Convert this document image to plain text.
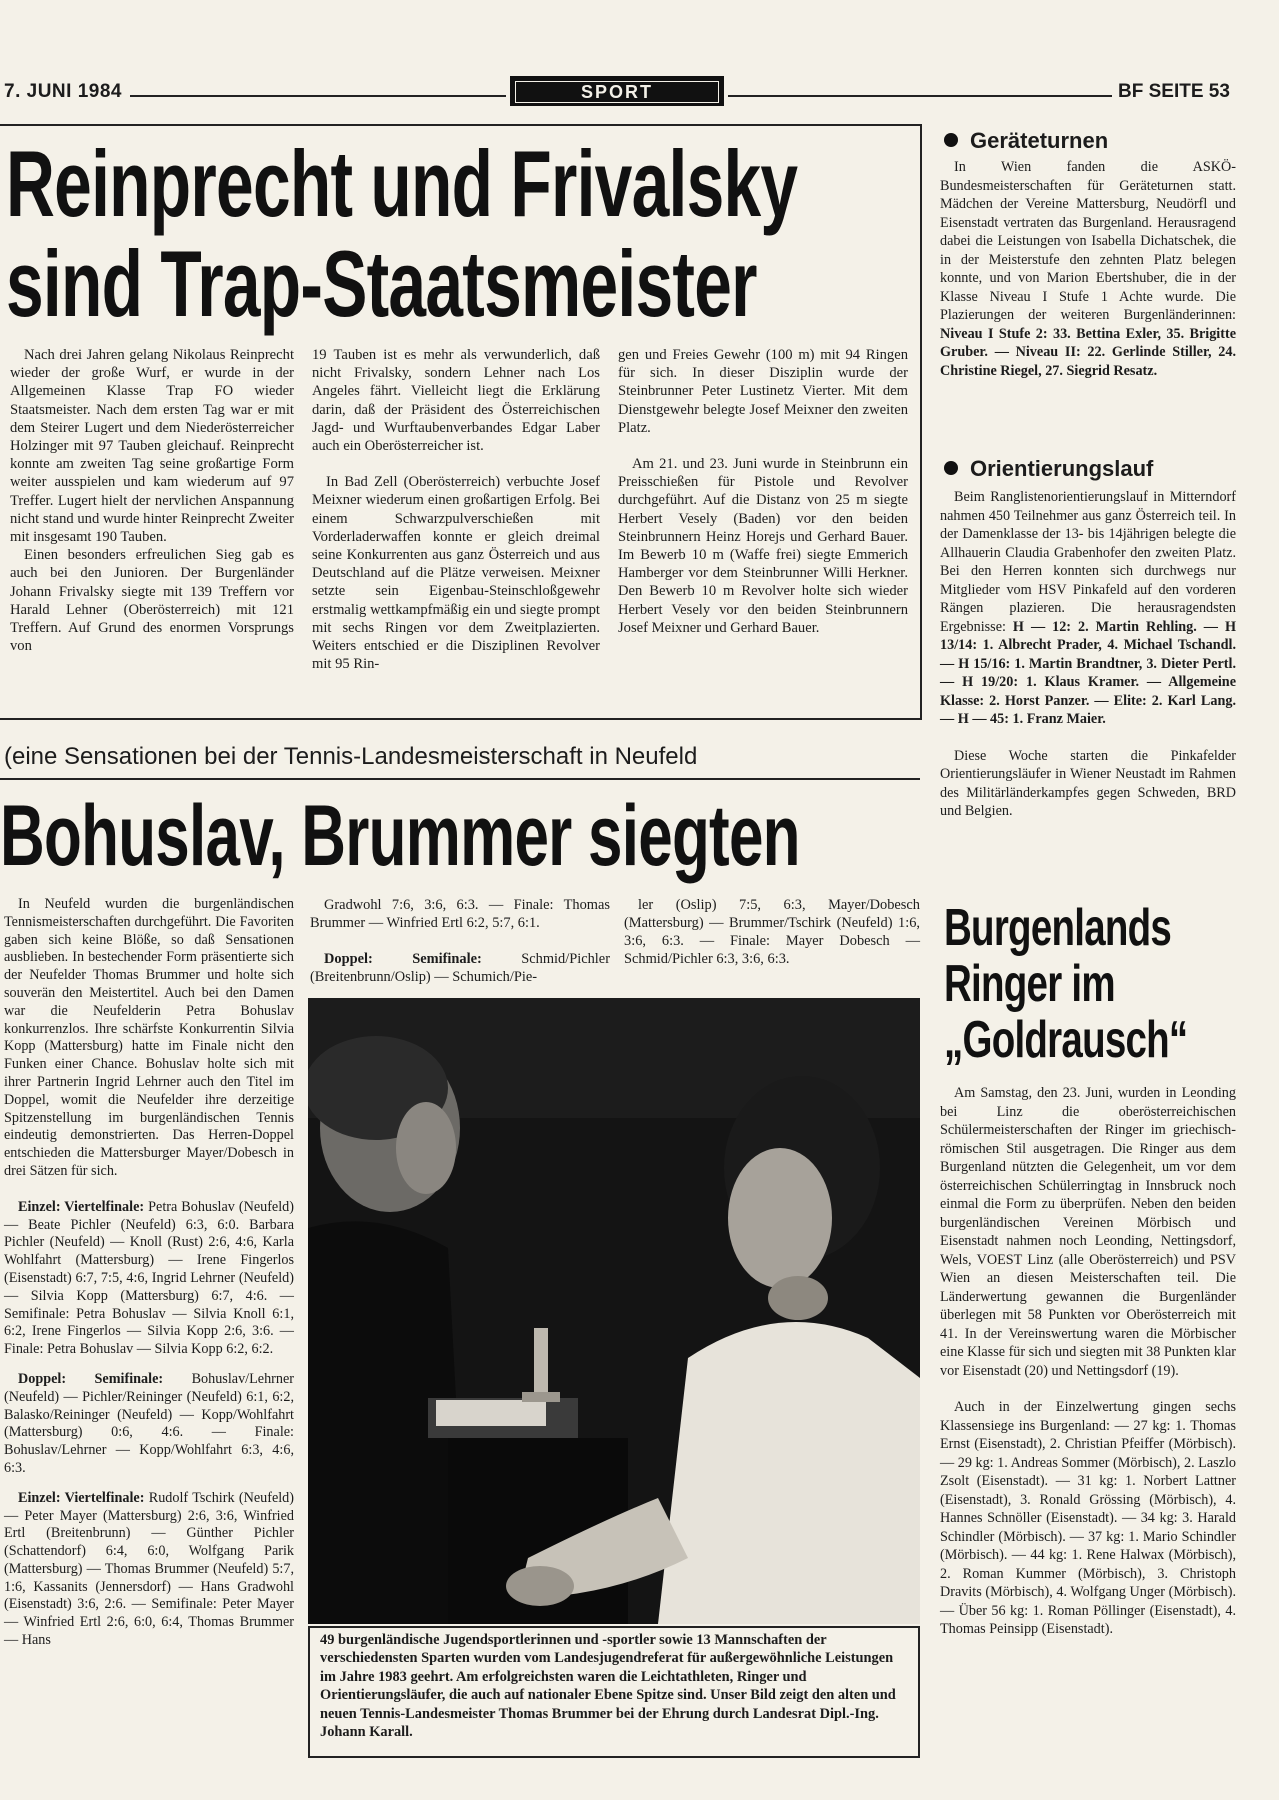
7. JUNI 1984	SPORT	BF SEITE 53
Reinprecht und Frivalsky
sind Trap-Staatsmeister

Nach drei Jahren gelang Nikolaus Reinprecht wieder der große Wurf, er wurde in der Allgemeinen Klasse Trap FO wieder Staatsmeister. Nach dem ersten Tag war er mit dem Steirer Lugert und dem Niederösterreicher Holzinger mit 97 Tauben gleichauf. Reinprecht konnte am zweiten Tag seine großartige Form weiter ausspielen und kam wiederum auf 97 Treffer. Lugert hielt der nervlichen Anspannung nicht stand und wurde hinter Reinprecht Zweiter mit insgesamt 190 Tauben.

Einen besonders erfreulichen Sieg gab es auch bei den Junioren. Der Burgenländer Johann Frivalsky siegte mit 139 Treffern vor Harald Lehner (Oberösterreich) mit 121 Treffern. Auf Grund des enormen Vorsprungs von

19 Tauben ist es mehr als verwunderlich, daß nicht Frivalsky, sondern Lehner nach Los Angeles fährt. Vielleicht liegt die Erklärung darin, daß der Präsident des Österreichischen Jagd- und Wurftaubenverbandes Edgar Laber auch ein Oberösterreicher ist.

In Bad Zell (Oberösterreich) verbuchte Josef Meixner wiederum einen großartigen Erfolg. Bei einem Schwarzpulverschießen mit Vorderladerwaffen konnte er gleich dreimal seine Konkurrenten aus ganz Österreich und aus Deutschland auf die Plätze verweisen. Meixner setzte sein Eigenbau-Steinschloßgewehr erstmalig wettkampfmäßig ein und siegte prompt mit sechs Ringen vor dem Zweitplazierten. Weiters entschied er die Disziplinen Revolver mit 95 Rin-

gen und Freies Gewehr (100 m) mit 94 Ringen für sich. In dieser Disziplin wurde der Steinbrunner Peter Lustinetz Vierter. Mit dem Dienstgewehr belegte Josef Meixner den zweiten Platz.

Am 21. und 23. Juni wurde in Steinbrunn ein Preisschießen für Pistole und Revolver durchgeführt. Auf die Distanz von 25 m siegte Herbert Vesely (Baden) vor den beiden Steinbrunnern Heinz Horejs und Gerhard Bauer. Im Bewerb 10 m (Waffe frei) siegte Emmerich Hamberger vor dem Steinbrunner Willi Herkner. Den Bewerb 10 m Revolver holte sich wieder Herbert Vesely vor den beiden Steinbrunnern Josef Meixner und Gerhard Bauer.

(eine Sensationen bei der Tennis-Landesmeisterschaft in Neufeld
Bohuslav, Brummer siegten

In Neufeld wurden die burgenländischen Tennismeisterschaften durchgeführt. Die Favoriten gaben sich keine Blöße, so daß Sensationen ausblieben. In bestechender Form präsentierte sich der Neufelder Thomas Brummer und holte sich souverän den Meistertitel. Auch bei den Damen war die Neufelderin Petra Bohuslav konkurrenzlos. Ihre schärfste Konkurrentin Silvia Kopp (Mattersburg) hatte im Finale nicht den Funken einer Chance. Bohuslav holte sich mit ihrer Partnerin Ingrid Lehrner auch den Titel im Doppel, womit die Neufelder ihre derzeitige Spitzenstellung im burgenländischen Tennis eindeutig demonstrierten. Das Herren-Doppel entschieden die Mattersburger Mayer/Dobesch in drei Sätzen für sich.

Einzel: Viertelfinale: Petra Bohuslav (Neufeld) — Beate Pichler (Neufeld) 6:3, 6:0. Barbara Pichler (Neufeld) — Knoll (Rust) 2:6, 4:6, Karla Wohlfahrt (Mattersburg) — Irene Fingerlos (Eisenstadt) 6:7, 7:5, 4:6, Ingrid Lehrner (Neufeld) — Silvia Kopp (Mattersburg) 6:7, 4:6. — Semifinale: Petra Bohuslav — Silvia Knoll 6:1, 6:2, Irene Fingerlos — Silvia Kopp 2:6, 3:6. — Finale: Petra Bohuslav — Silvia Kopp 6:2, 6:2.

Doppel: Semifinale: Bohuslav/Lehrner (Neufeld) — Pichler/Reininger (Neufeld) 6:1, 6:2, Balasko/Reininger (Neufeld) — Kopp/Wohlfahrt (Mattersburg) 0:6, 4:6. — Finale: Bohuslav/Lehrner — Kopp/Wohlfahrt 6:3, 4:6, 6:3.

Einzel: Viertelfinale: Rudolf Tschirk (Neufeld) — Peter Mayer (Mattersburg) 2:6, 3:6, Winfried Ertl (Breitenbrunn) — Günther Pichler (Schattendorf) 6:4, 6:0, Wolfgang Parik (Mattersburg) — Thomas Brummer (Neufeld) 5:7, 1:6, Kassanits (Jennersdorf) — Hans Gradwohl (Eisenstadt) 3:6, 2:6. — Semifinale: Peter Mayer — Winfried Ertl 2:6, 6:0, 6:4, Thomas Brummer — Hans

Gradwohl 7:6, 3:6, 6:3. — Finale: Thomas Brummer — Winfried Ertl 6:2, 5:7, 6:1.

Doppel: Semifinale:	Schmid/Pichler (Breitenbrunn/Oslip) — Schumich/Pie-

ler (Oslip) 7:5, 6:3, Mayer/Dobesch (Mattersburg) — Brummer/Tschirk (Neufeld) 1:6, 3:6, 6:3. — Finale: Mayer Dobesch — Schmid/Pichler 6:3, 3:6, 6:3.

49 burgenländische Jugendsportlerinnen und -sportler sowie 13 Mannschaften der verschiedensten Sparten wurden vom Landesjugendreferat für außergewöhnliche Leistungen im Jahre 1983 geehrt. Am erfolgreichsten waren die Leichtathleten, Ringer und Orientierungsläufer, die auch auf nationaler Ebene Spitze sind. Unser Bild zeigt den alten und neuen Tennis-Landesmeister Thomas Brummer bei der Ehrung durch Landesrat Dipl.-Ing. Johann Karall.
Geräteturnen

In Wien fanden die ASKÖ-Bundesmeisterschaften für Geräteturnen statt. Mädchen der Vereine Mattersburg, Neudörfl und Eisenstadt vertraten das Burgenland. Herausragend dabei die Leistungen von Isabella Dichatschek, die in der Meisterstufe den zehnten Platz belegen konnte, und von Marion Ebertshuber, die in der Klasse Niveau I Stufe 1 Achte wurde. Die Plazierungen der weiteren Burgenländerinnen: Niveau I Stufe 2: 33. Bettina Exler, 35. Brigitte Gruber. — Niveau II: 22. Gerlinde Stiller, 24. Christine Riegel, 27. Siegrid Resatz.

Orientierungslauf

Beim Ranglistenorientierungslauf in Mitterndorf nahmen 450 Teilnehmer aus ganz Österreich teil. In der Damenklasse der 13- bis 14jährigen belegte die Allhauerin Claudia Grabenhofer den zweiten Platz. Bei den Herren konnten sich durchwegs nur Mitglieder vom HSV Pinkafeld auf den vorderen Rängen plazieren. Die herausragendsten Ergebnisse: H — 12: 2. Martin Rehling. — H 13/14: 1. Albrecht Prader, 4. Michael Tschandl. — H 15/16: 1. Martin Brandtner, 3. Dieter Pertl. — H 19/20: 1. Klaus Kramer. — Allgemeine Klasse: 2. Horst Panzer. — Elite: 2. Karl Lang. — H — 45: 1. Franz Maier.

Diese Woche starten die Pinkafelder Orientierungsläufer in Wiener Neustadt im Rahmen des Militärländerkampfes gegen Schweden, BRD und Belgien.

Burgenlands
Ringer im
„Goldrausch“

Am Samstag, den 23. Juni, wurden in Leonding bei Linz die oberösterreichischen Schülermeisterschaften der Ringer im griechisch-römischen Stil ausgetragen. Die Ringer aus dem Burgenland nützten die Gelegenheit, um vor dem österreichischen Schülerringtag in Innsbruck noch einmal die Form zu überprüfen. Neben den beiden burgenländischen Vereinen Mörbisch und Eisenstadt nahmen noch Leonding, Nettingsdorf, Wels, VOEST Linz (alle Oberösterreich) und PSV Wien an diesen Meisterschaften teil. Die Länderwertung gewannen die Burgenländer überlegen mit 58 Punkten vor Oberösterreich mit 41. In der Vereinswertung waren die Mörbischer eine Klasse für sich und siegten mit 38 Punkten klar vor Eisenstadt (20) und Nettingsdorf (19).

Auch in der Einzelwertung gingen sechs Klassensiege ins Burgenland: — 27 kg: 1. Thomas Ernst (Eisenstadt), 2. Christian Pfeiffer (Mörbisch). — 29 kg: 1. Andreas Sommer (Mörbisch), 2. Laszlo Zsolt (Eisenstadt). — 31 kg: 1. Norbert Lattner (Eisenstadt), 3. Ronald Grössing (Mörbisch), 4. Hannes Schnöller (Eisenstadt). — 34 kg: 3. Harald Schindler (Mörbisch). — 37 kg: 1. Mario Schindler (Mörbisch). — 44 kg: 1. Rene Halwax (Mörbisch), 2. Roman Kummer (Mörbisch), 3. Christoph Dravits (Mörbisch), 4. Wolfgang Unger (Mörbisch). — Über 56 kg: 1. Roman Pöllinger (Eisenstadt), 4. Thomas Peinsipp (Eisenstadt).
